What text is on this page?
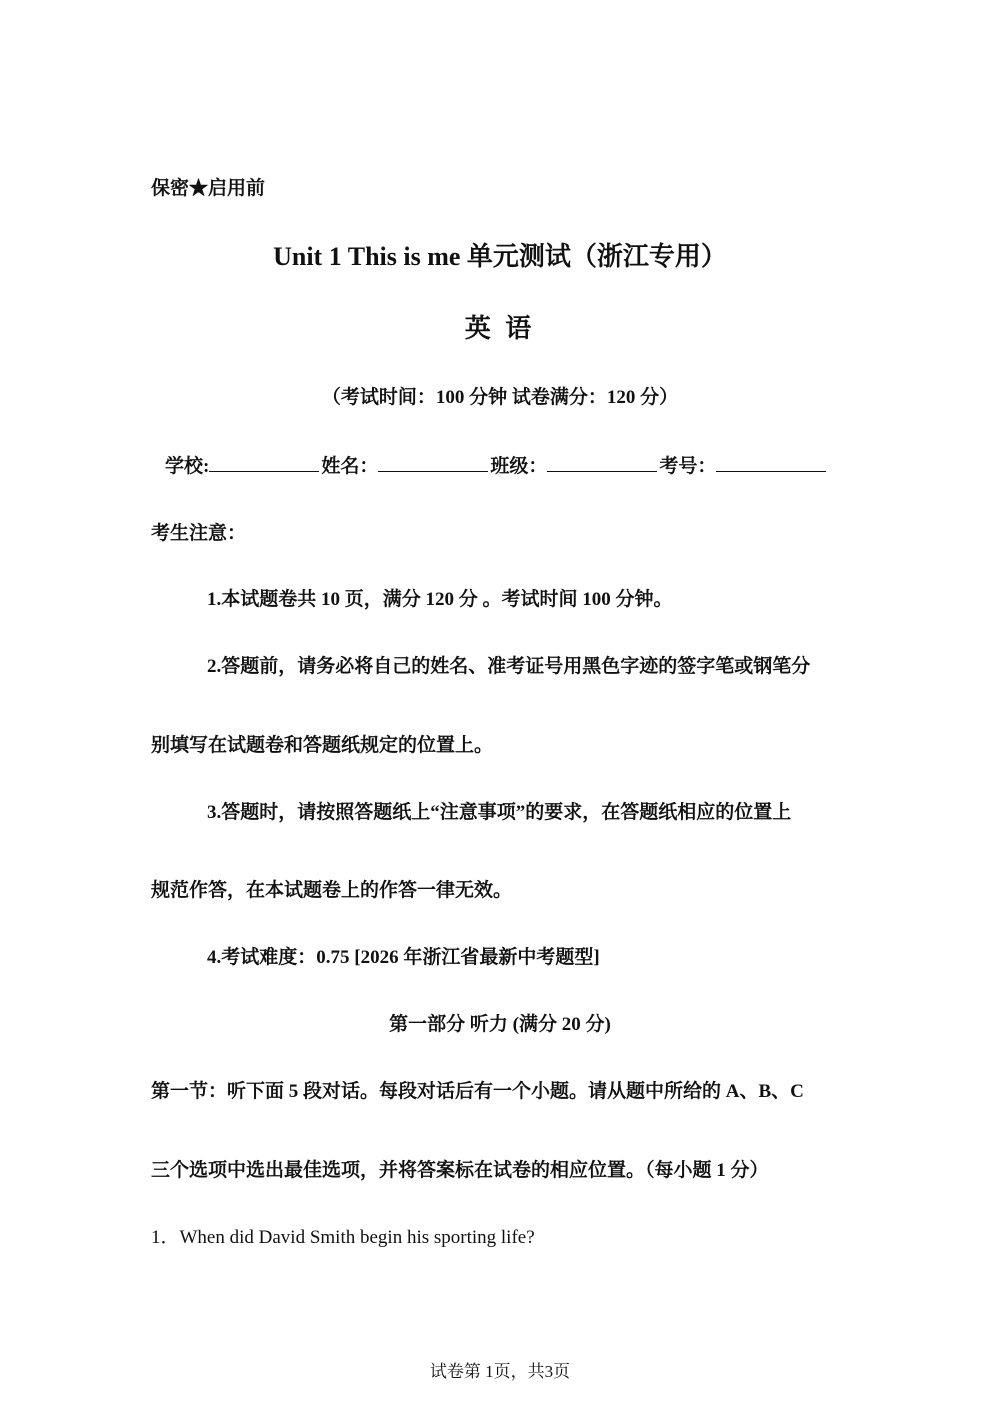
保密★启用前
Unit 1 This is me 单元测试（浙江专用）
英 语
（考试时间：100 分钟 试卷满分：120 分）
学校:	姓名：	班级：	考号：
考生注意：
1.本试题卷共 10 页，满分 120 分 。考试时间 100 分钟。
2.答题前，请务必将自己的姓名、准考证号用黑色字迹的签字笔或钢笔分
别填写在试题卷和答题纸规定的位置上。
3.答题时，请按照答题纸上“注意事项”的要求，在答题纸相应的位置上
规范作答，在本试题卷上的作答一律无效。
4.考试难度：0.75 [2026 年浙江省最新中考题型]
第一部分 听力 (满分 20 分)
第一节：听下面 5 段对话。每段对话后有一个小题。请从题中所给的 A、B、C
三个选项中选出最佳选项，并将答案标在试卷的相应位置。（每小题 1 分）
1．When did David Smith begin his sporting life?
试卷第 1页，共3页
